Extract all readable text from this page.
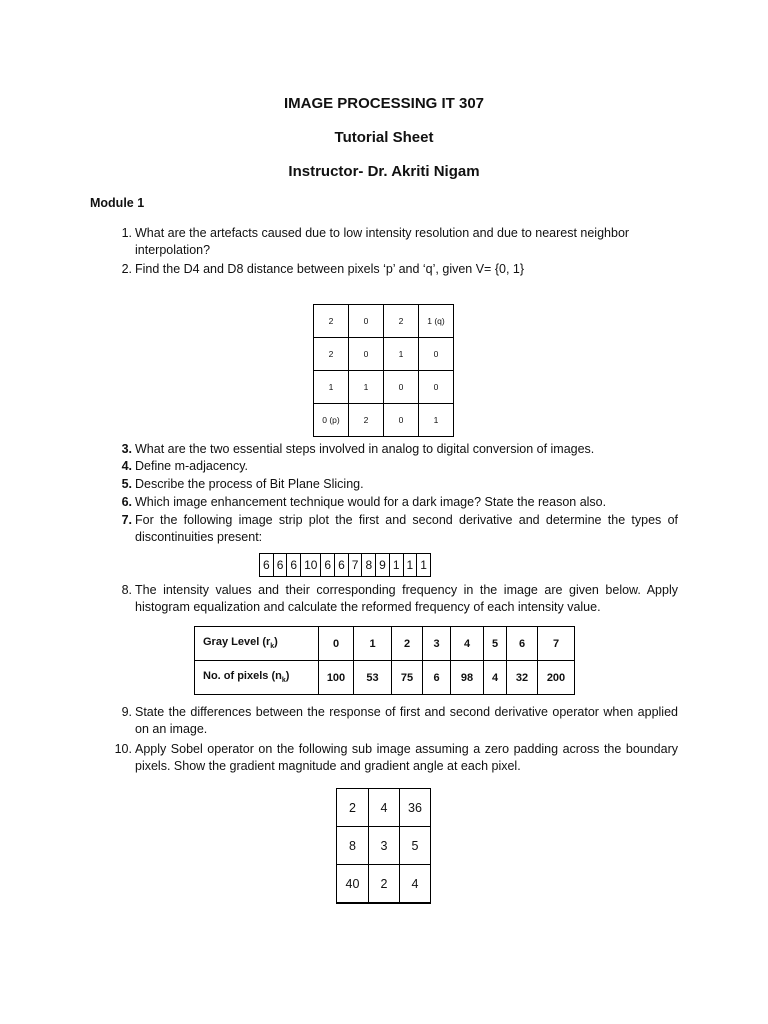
IMAGE PROCESSING IT 307
Tutorial Sheet
Instructor- Dr. Akriti Nigam
Module 1
1. What are the artefacts caused due to low intensity resolution and due to nearest neighbor
interpolation?
2. Find the D4 and D8 distance between pixels ‘p’ and ‘q’, given V= {0, 1}
2	0	2	1 (q)
2	0	1	0
1	1	0	0
0 (p)	2	0	1
3. What are the two essential steps involved in analog to digital conversion of images.
4. Define m-adjacency.
5. Describe the process of Bit Plane Slicing.
6. Which image enhancement technique would for a dark image? State the reason also.
7. For the following image strip plot the first and second derivative and determine the types of
discontinuities present:
6	6	6	10	6	6	7	8	9	1	1	1
8. The intensity values and their corresponding frequency in the image are given below. Apply
histogram equalization and calculate the reformed frequency of each intensity value.
Gray Level $(r_k)$	0	1	2	3	4	5	6	7
No. of pixels $(n_k)$	100	53	75	6	98	4	32	200
9. State the differences between the response of first and second derivative operator when applied
on an image.
10. Apply Sobel operator on the following sub image assuming a zero padding across the boundary
pixels. Show the gradient magnitude and gradient angle at each pixel.
2	4	36
8	3	5
40	2	4
